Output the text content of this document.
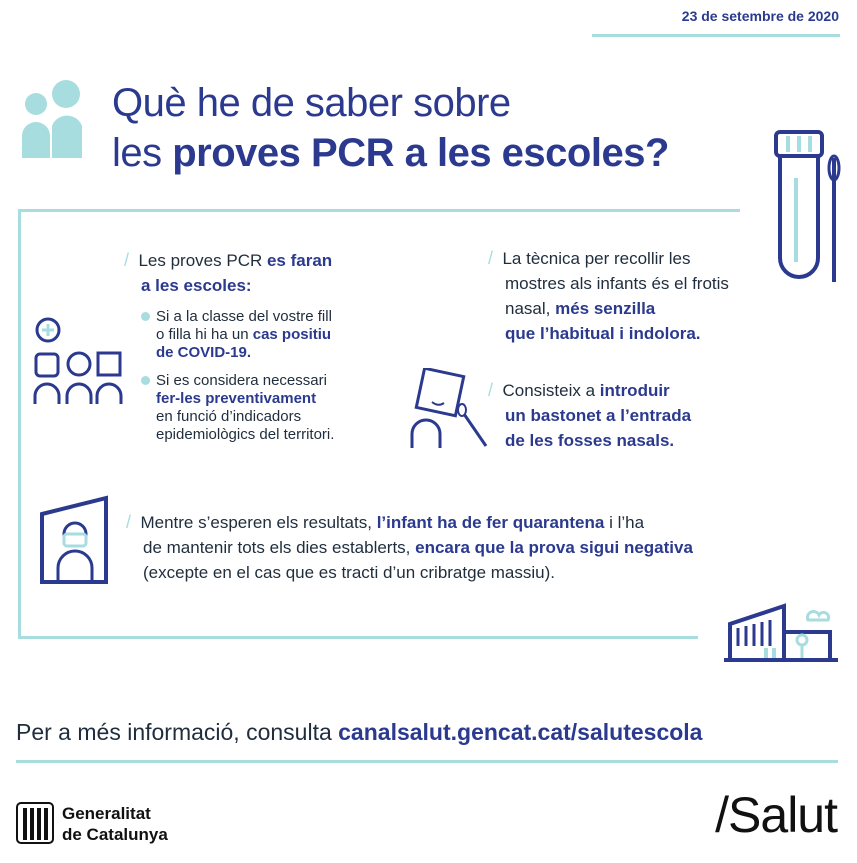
23 de setembre de 2020
Què he de saber sobre
les proves PCR a les escoles?
/ Les proves PCR es faran
a les escoles:
Si a la classe del vostre fill
o filla hi ha un cas positiu
de COVID-19.
Si es considera necessari
fer-les preventivament
en funció d’indicadors
epidemiològics del territori.
/ La tècnica per recollir les
mostres als infants és el frotis
nasal, més senzilla
que l’habitual i indolora.
/ Consisteix a introduir
un bastonet a l’entrada
de les fosses nasals.
/ Mentre s’esperen els resultats, l’infant ha de fer quarantena i l’ha
de mantenir tots els dies establerts, encara que la prova sigui negativa
(excepte en el cas que es tracti d’un cribratge massiu).
Per a més informació, consulta canalsalut.gencat.cat/salutescola
Generalitat
de Catalunya	/Salut
